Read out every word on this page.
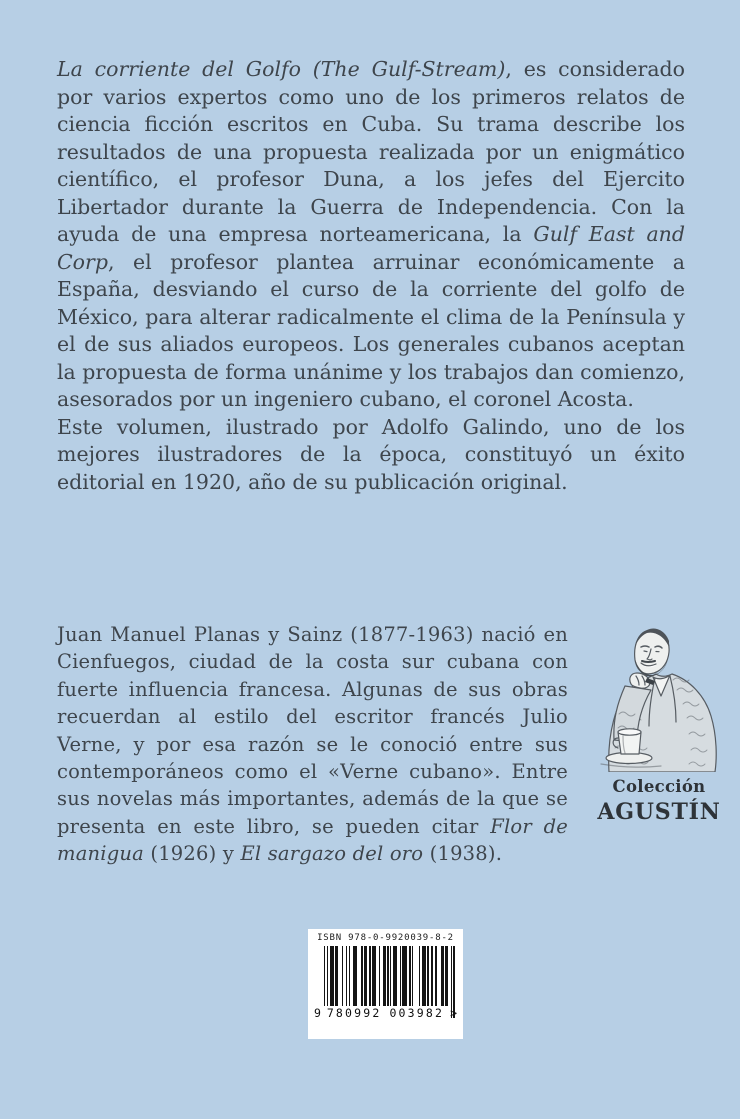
La corriente del Golfo (The Gulf-Stream), es considerado por varios expertos como uno de los primeros relatos de ciencia ficción escritos en Cuba. Su trama describe los resultados de una propuesta realizada por un enigmático científico, el profesor Duna, a los jefes del Ejercito Libertador durante la Guerra de Independencia. Con la ayuda de una empresa norteamericana, la Gulf East and Corp, el profesor plantea arruinar económicamente a España, desviando el curso de la corriente del golfo de México, para alterar radicalmente el clima de la Península y el de sus aliados europeos. Los generales cubanos aceptan la propuesta de forma unánime y los trabajos dan comienzo, asesorados por un ingeniero cubano, el coronel Acosta.

Este volumen, ilustrado por Adolfo Galindo, uno de los mejores ilustradores de la época, constituyó un éxito editorial en 1920, año de su publicación original.

Juan Manuel Planas y Sainz (1877-1963) nació en Cienfuegos, ciudad de la costa sur cubana con fuerte influencia francesa. Algunas de sus obras recuerdan al estilo del escritor francés Julio Verne, y por esa razón se le conoció entre sus contemporáneos como el «Verne cubano». Entre sus novelas más importantes, además de la que se presenta en este libro, se pueden citar Flor de manigua (1926) y El sargazo del oro (1938).

Colección
AGUSTÍN
ISBN 978-0-9920039-8-2
9 780992 003982 >
